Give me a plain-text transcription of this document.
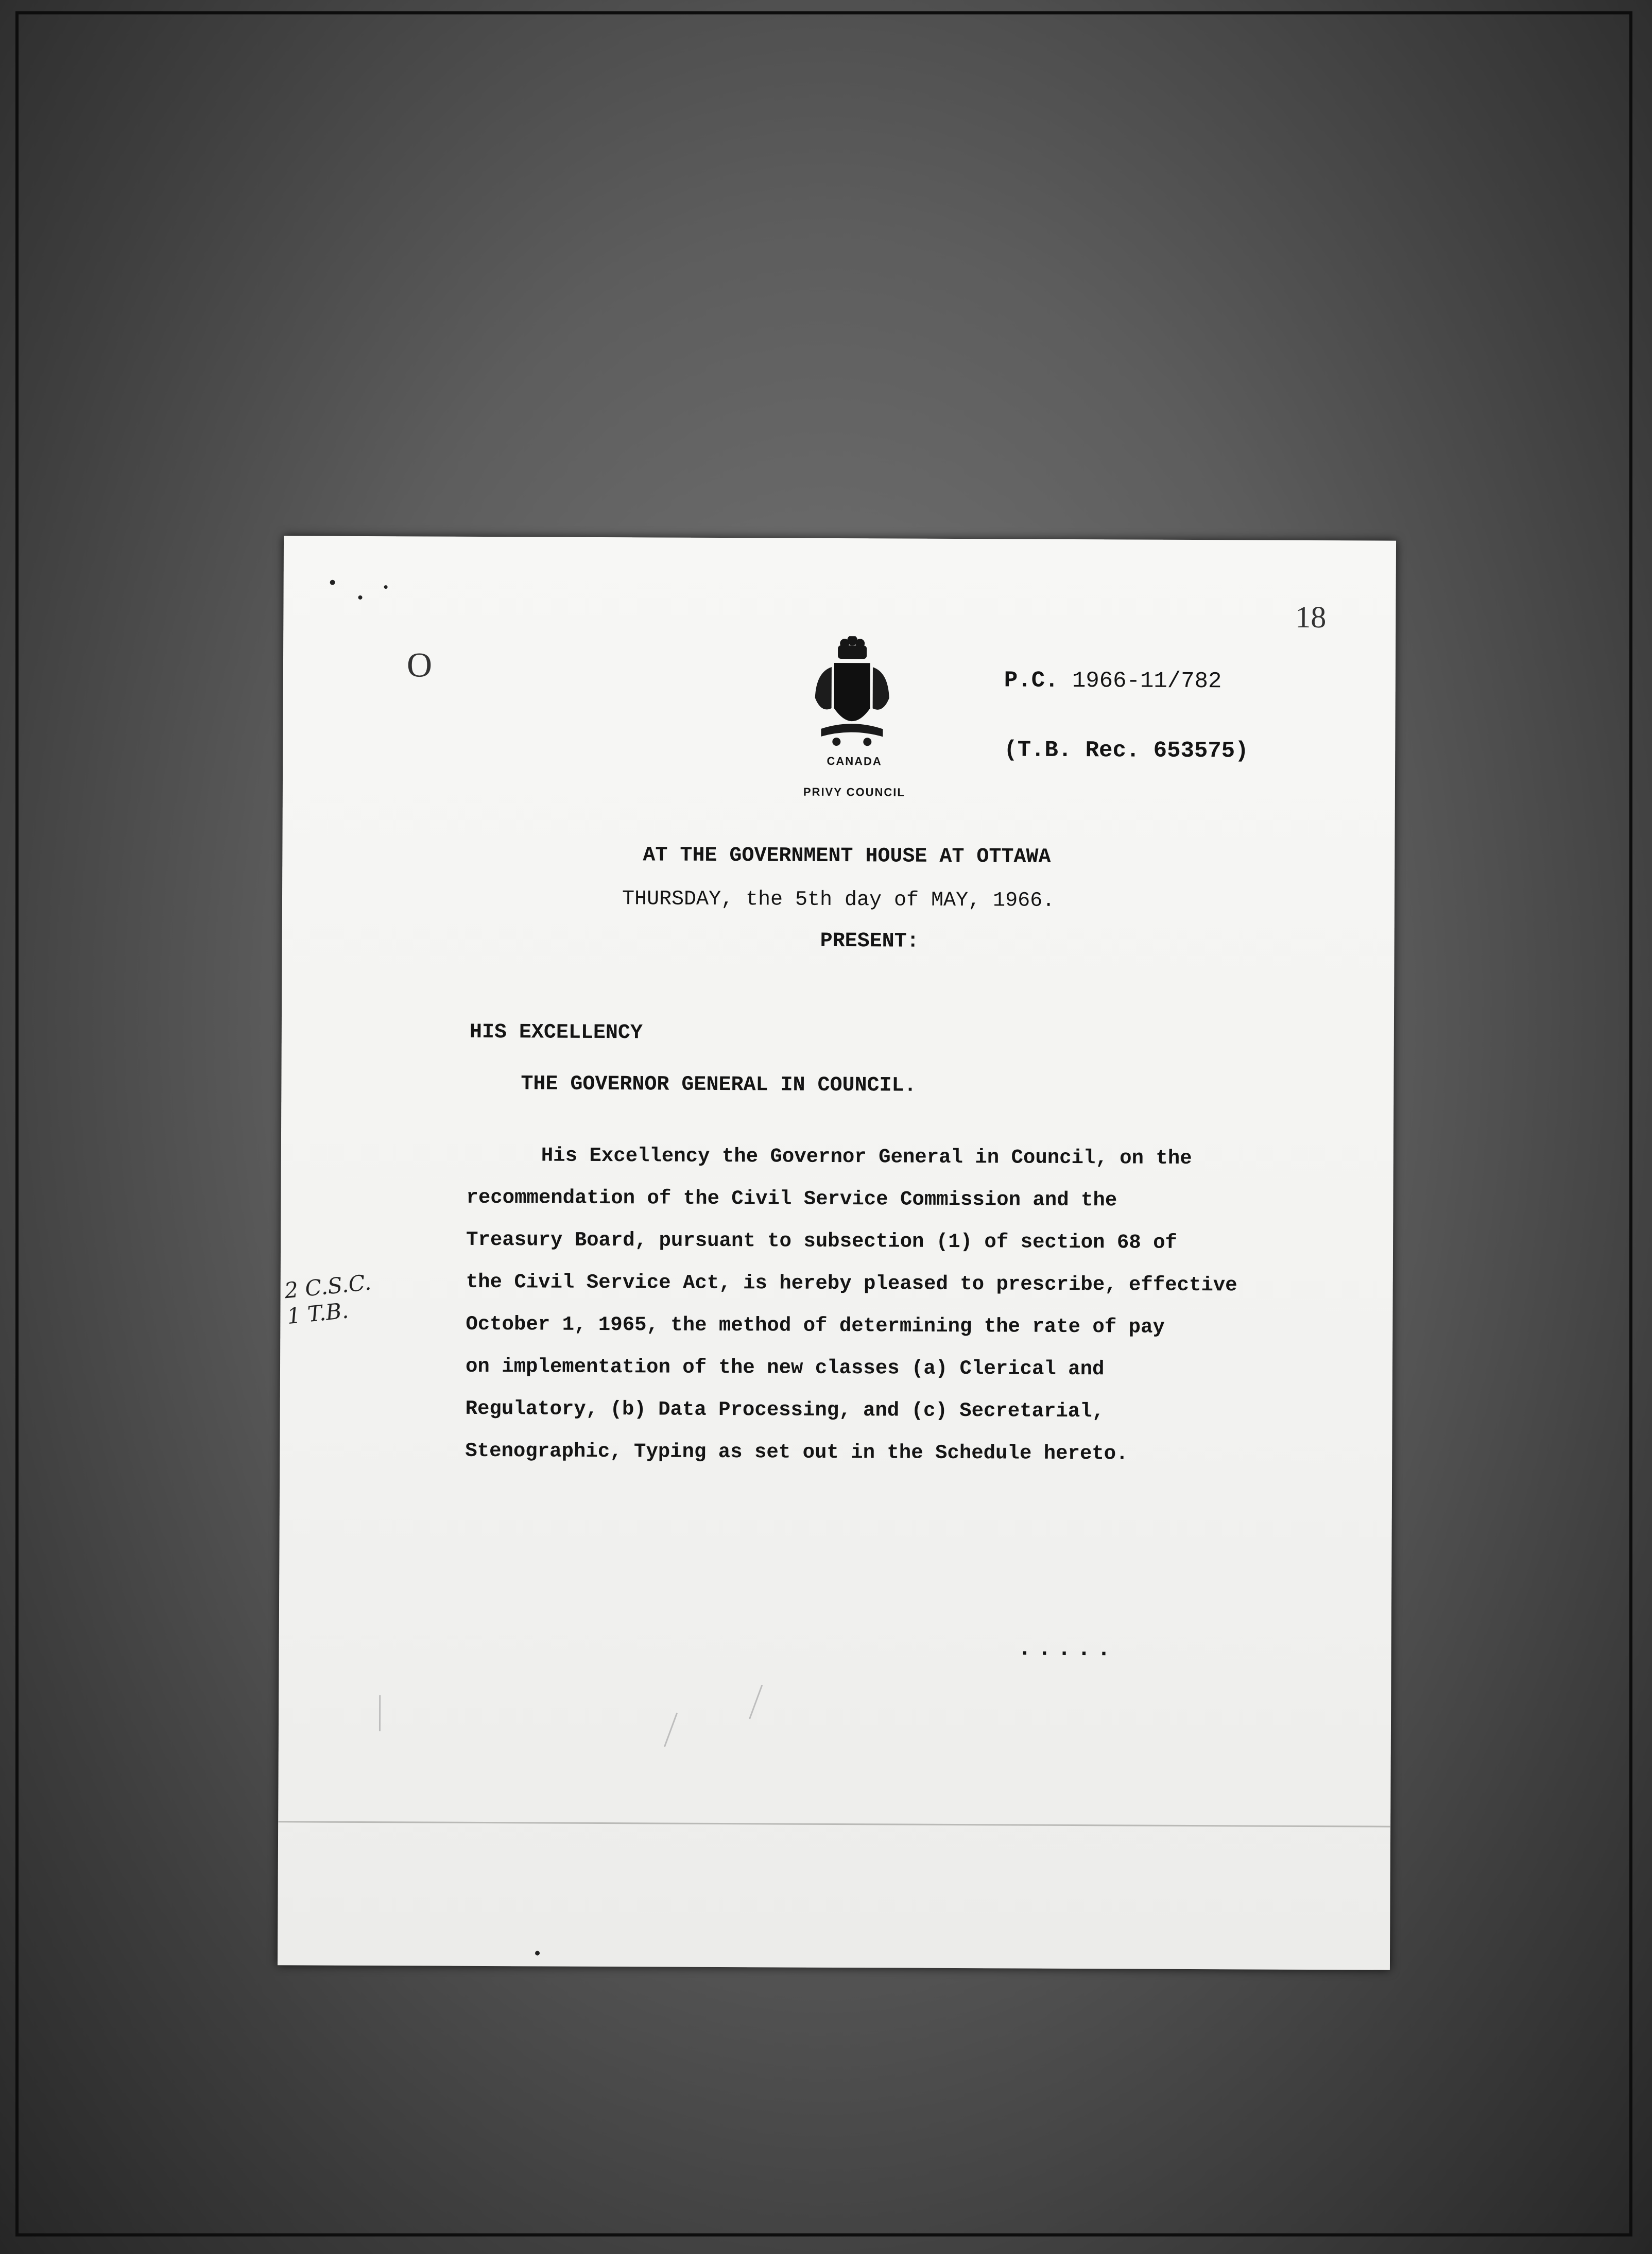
O
18
CANADA
PRIVY COUNCIL
P.C. 1966-11/782
(T.B. Rec. 653575)
AT THE GOVERNMENT HOUSE AT OTTAWA
THURSDAY, the 5th day of MAY, 1966.
PRESENT:
HIS EXCELLENCY
THE GOVERNOR GENERAL IN COUNCIL.
His Excellency the Governor General in Council, on the
recommendation of the Civil Service Commission and the
Treasury Board, pursuant to subsection (1) of section 68 of
the Civil Service Act, is hereby pleased to prescribe, effective
October 1, 1965, the method of determining the rate of pay
on implementation of the new classes (a) Clerical and
Regulatory, (b) Data Processing, and (c) Secretarial,
Stenographic, Typing as set out in the Schedule hereto.
2 C.S.C.
1 T.B.
.....
